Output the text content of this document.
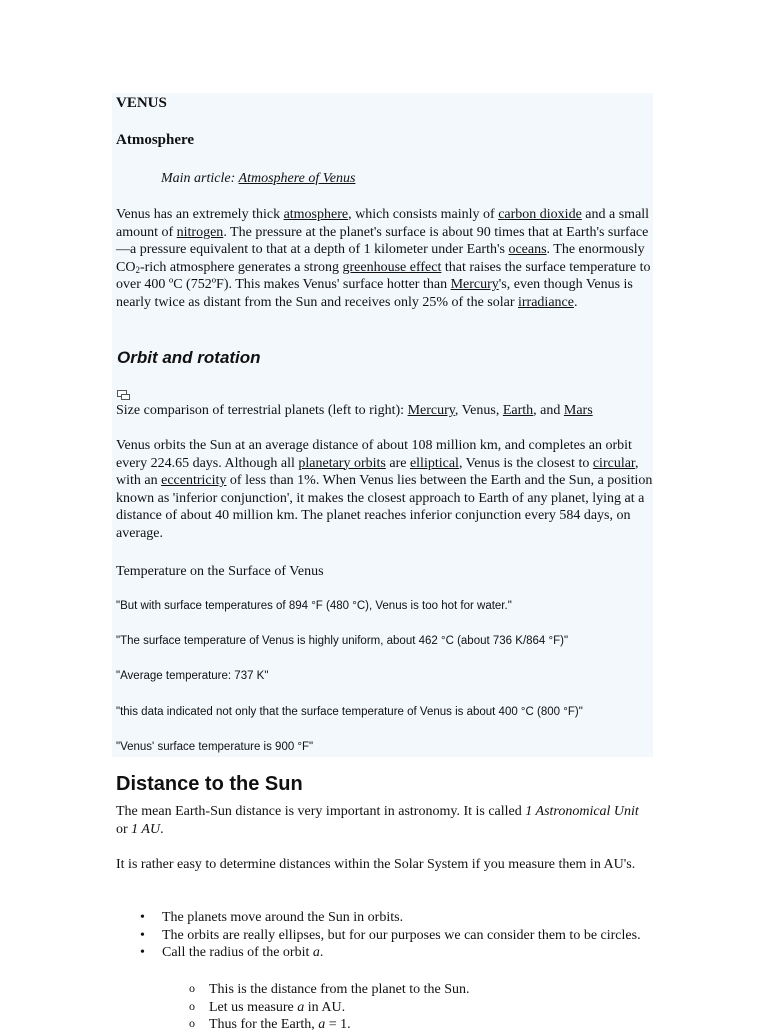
VENUS
Atmosphere
Main article: Atmosphere of Venus
Venus has an extremely thick atmosphere, which consists mainly of carbon dioxide and a small amount of nitrogen. The pressure at the planet's surface is about 90 times that at Earth's surface—a pressure equivalent to that at a depth of 1 kilometer under Earth's oceans. The enormously $CO_2$-rich atmosphere generates a strong greenhouse effect that raises the surface temperature to over 400 ºC (752ºF). This makes Venus' surface hotter than Mercury's, even though Venus is nearly twice as distant from the Sun and receives only 25% of the solar irradiance.
Orbit and rotation
Size comparison of terrestrial planets (left to right): Mercury, Venus, Earth, and Mars
Venus orbits the Sun at an average distance of about 108 million km, and completes an orbit every 224.65 days. Although all planetary orbits are elliptical, Venus is the closest to circular, with an eccentricity of less than 1%. When Venus lies between the Earth and the Sun, a position known as 'inferior conjunction', it makes the closest approach to Earth of any planet, lying at a distance of about 40 million km. The planet reaches inferior conjunction every 584 days, on average.
Temperature on the Surface of Venus
"But with surface temperatures of 894 °F (480 °C), Venus is too hot for water."
"The surface temperature of Venus is highly uniform, about 462 °C (about 736 K/864 °F)"
"Average temperature: 737 K"
"this data indicated not only that the surface temperature of Venus is about 400 °C (800 °F)"
"Venus' surface temperature is 900 °F"
Distance to the Sun
The mean Earth-Sun distance is very important in astronomy. It is called 1 Astronomical Unit or 1 AU.
It is rather easy to determine distances within the Solar System if you measure them in AU's.
• The planets move around the Sun in orbits.
• The orbits are really ellipses, but for our purposes we can consider them to be circles.
• Call the radius of the orbit a.
o This is the distance from the planet to the Sun.
o Let us measure a in AU.
o Thus for the Earth, a = 1.
